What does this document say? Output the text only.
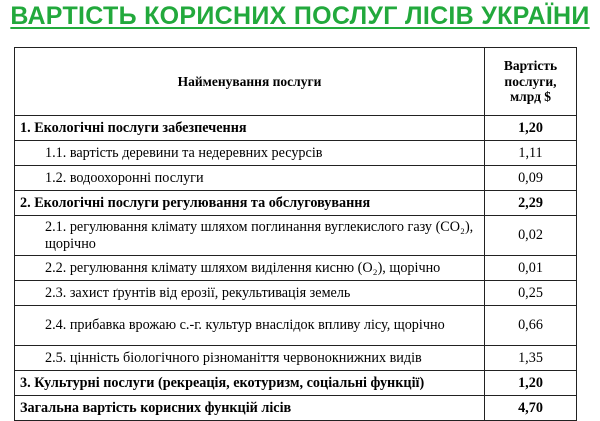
ВАРТІСТЬ КОРИСНИХ ПОСЛУГ ЛІСІВ УКРАЇНИ
Найменування послуги	Вартість послуги, млрд $
1. Екологічні послуги забезпечення	1,20
1.1. вартість деревини та недеревних ресурсів	1,11
1.2. водоохоронні послуги	0,09
2. Екологічні послуги регулювання та обслуговування	2,29
2.1. регулювання клімату шляхом поглинання вуглекислого газу (СО₂), щорічно	0,02
2.2. регулювання клімату шляхом виділення кисню (О₂), щорічно	0,01
2.3. захист ґрунтів від ерозії, рекультивація земель	0,25
2.4. прибавка врожаю с.-г. культур внаслідок впливу лісу, щорічно	0,66
2.5. цінність біологічного різноманіття червонокнижних видів	1,35
3. Культурні послуги (рекреація, екотуризм, соціальні функції)	1,20
Загальна вартість корисних функцій лісів	4,70
